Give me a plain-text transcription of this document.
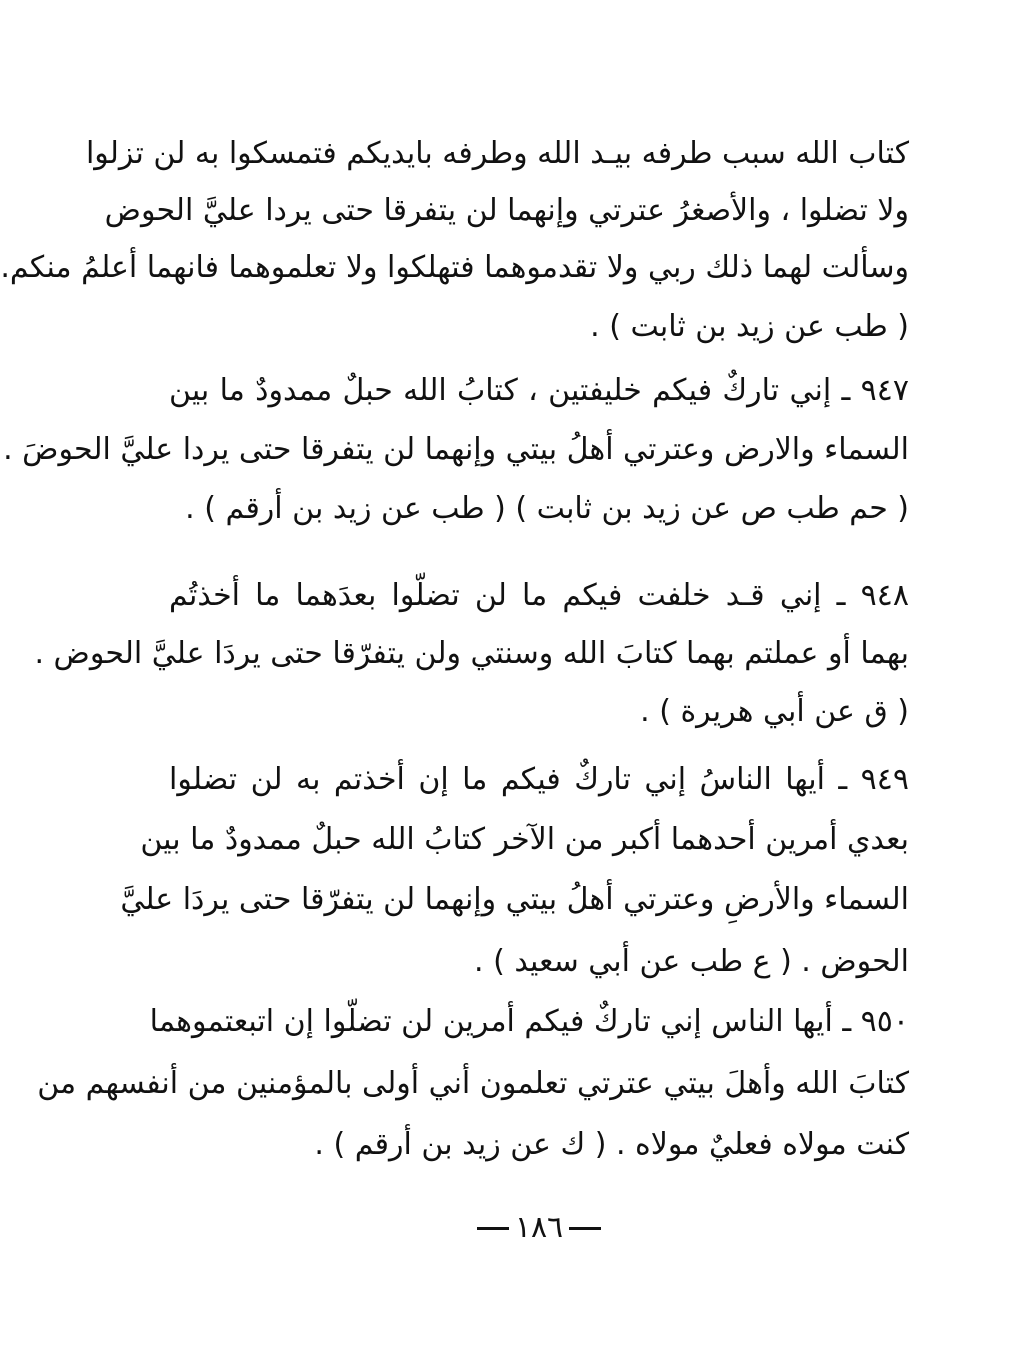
كتاب الله سبب طرفه بيـد الله وطرفه بايديكم فتمسكوا به لن تزلوا
ولا تضلوا ، والأصغرُ عترتي وإنهما لن يتفرقا حتى يردا عليَّ الحوض
وسألت لهما ذلك ربي ولا تقدموهما فتهلكوا ولا تعلموهما فانهما أعلمُ منكم.
( طب عن زيد بن ثابت ) .
٩٤٧ ـ إني تاركٌ فيكم خليفتين ، كتابُ الله حبلٌ ممدودٌ ما بين
السماء والارض وعترتي أهلُ بيتي وإنهما لن يتفرقا حتى يردا عليَّ الحوضَ .
( حم طب ص عن زيد بن ثابت ) ( طب عن زيد بن أرقم ) .
٩٤٨ ـ إني قـد خلفت فيكم ما لن تضلّوا بعدَهما ما أخذتُم
بهما أو عملتم بهما كتابَ الله وسنتي ولن يتفرّقا حتى يردَا عليَّ الحوض .
( ق عن أبي هريرة ) .
٩٤٩ ـ أيها الناسُ إني تاركٌ فيكم ما إن أخذتم به لن تضلوا
بعدي أمرين أحدهما أكبر من الآخر كتابُ الله حبلٌ ممدودٌ ما بين
السماء والأرضِ وعترتي أهلُ بيتي وإنهما لن يتفرّقا حتى يردَا عليَّ
الحوض . ( ع طب عن أبي سعيد ) .
٩٥٠ ـ أيها الناس إني تاركٌ فيكم أمرين لن تضلّوا إن اتبعتموهما
كتابَ الله وأهلَ بيتي عترتي تعلمون أني أولى بالمؤمنين من أنفسهم من
كنت مولاه فعليٌ مولاه . ( ك عن زيد بن أرقم ) .
١٨٦
